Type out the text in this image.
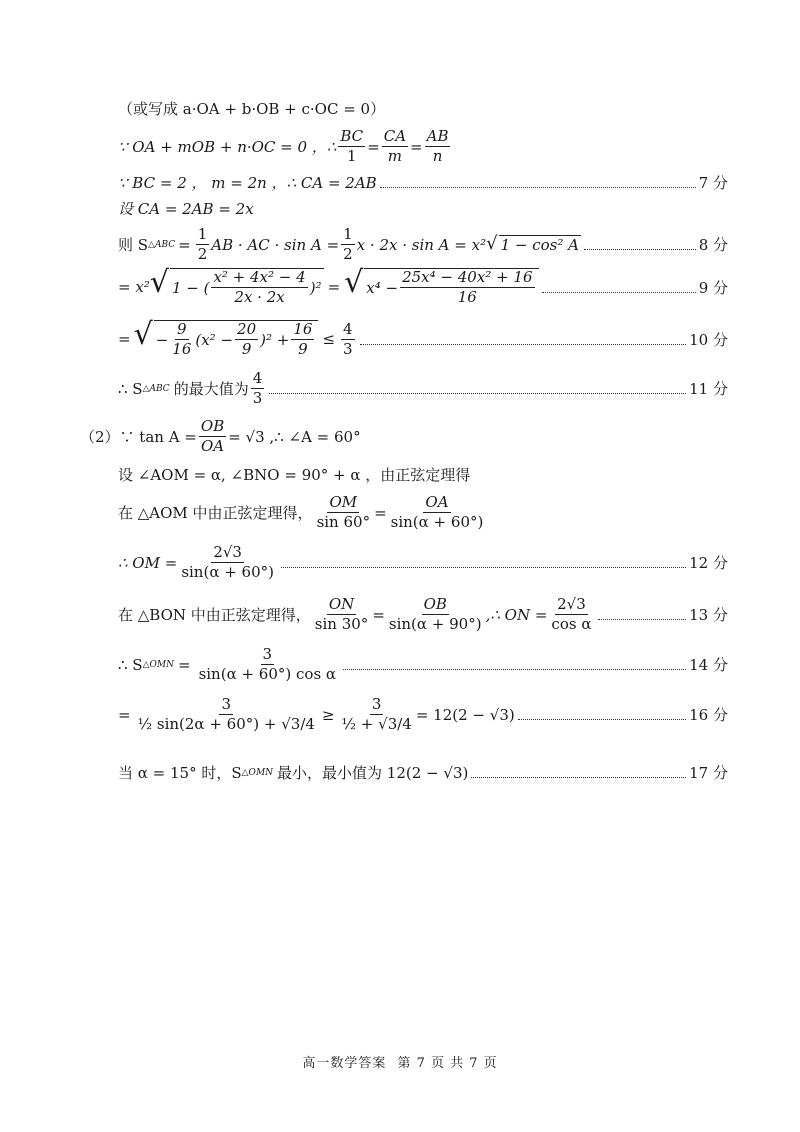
（或写成 a·OA + b·OB + c·OC = 0）
∵ OA + mOB + n·OC = 0 ，∴ $\frac{BC}{1} = \frac{CA}{m} = \frac{AB}{n}$
∵ BC = 2 ， m = 2n ，∴ CA = 2AB	7 分
设 CA = 2AB = 2x
则 S △ABC = $\frac{1}{2}$ AB · AC · $\sin A = \frac{1}{2}$ x · 2x · sin A = x² √ 1 − cos² A	8 分
= x² √ 1 − ( $\frac{\text{x² + 4x² − 4}}{2x \cdot 2x} )^2$ = √ $x^4 - \frac{\text{25x⁴ − 40x² + 16}}{16}$	9 分
= √ − $\frac{9}{16} (x^2 - \frac{20}{9} )^2 + \frac{16}{9} \le \frac{4}{3}$	10 分
∴ S △ABC 的最大值为 $\frac{4}{3}$	11 分
（2）∵ $\tan A = \frac{OB}{OA} = √3$ ,∴ ∠A = 60°
设 ∠AOM = α, ∠BNO = 90° + α ，由正弦定理得
在 △AOM 中由正弦定理得， $\frac{OM}{\sin 60^\circ} = \frac{OA}{\sin(\alpha + 60^\circ)}$
∴ OM = $\frac{2√3}{\sin(\alpha + 60^\circ)}$	12 分
在 △BON 中由正弦定理得， $\frac{ON}{\sin 30^\circ} = \frac{OB}{\sin(\alpha + 90^\circ)}$ ,∴ ON = $\frac{2√3}{\text{cos α}}$	13 分
∴ S △OMN = $\frac{3}{\text{sin(α + 60°) cos α}}$	14 分
= $\frac{3}{\text{½ sin(2α + 60°) + √3/4}} \ge \frac{3}{\text{½ + √3/4}} = 12(2 - √3)$	16 分
当 α = 15° 时，S △OMN 最小，最小值为 12(2 − √3)	17 分
高一数学答案 第 7 页 共 7 页
